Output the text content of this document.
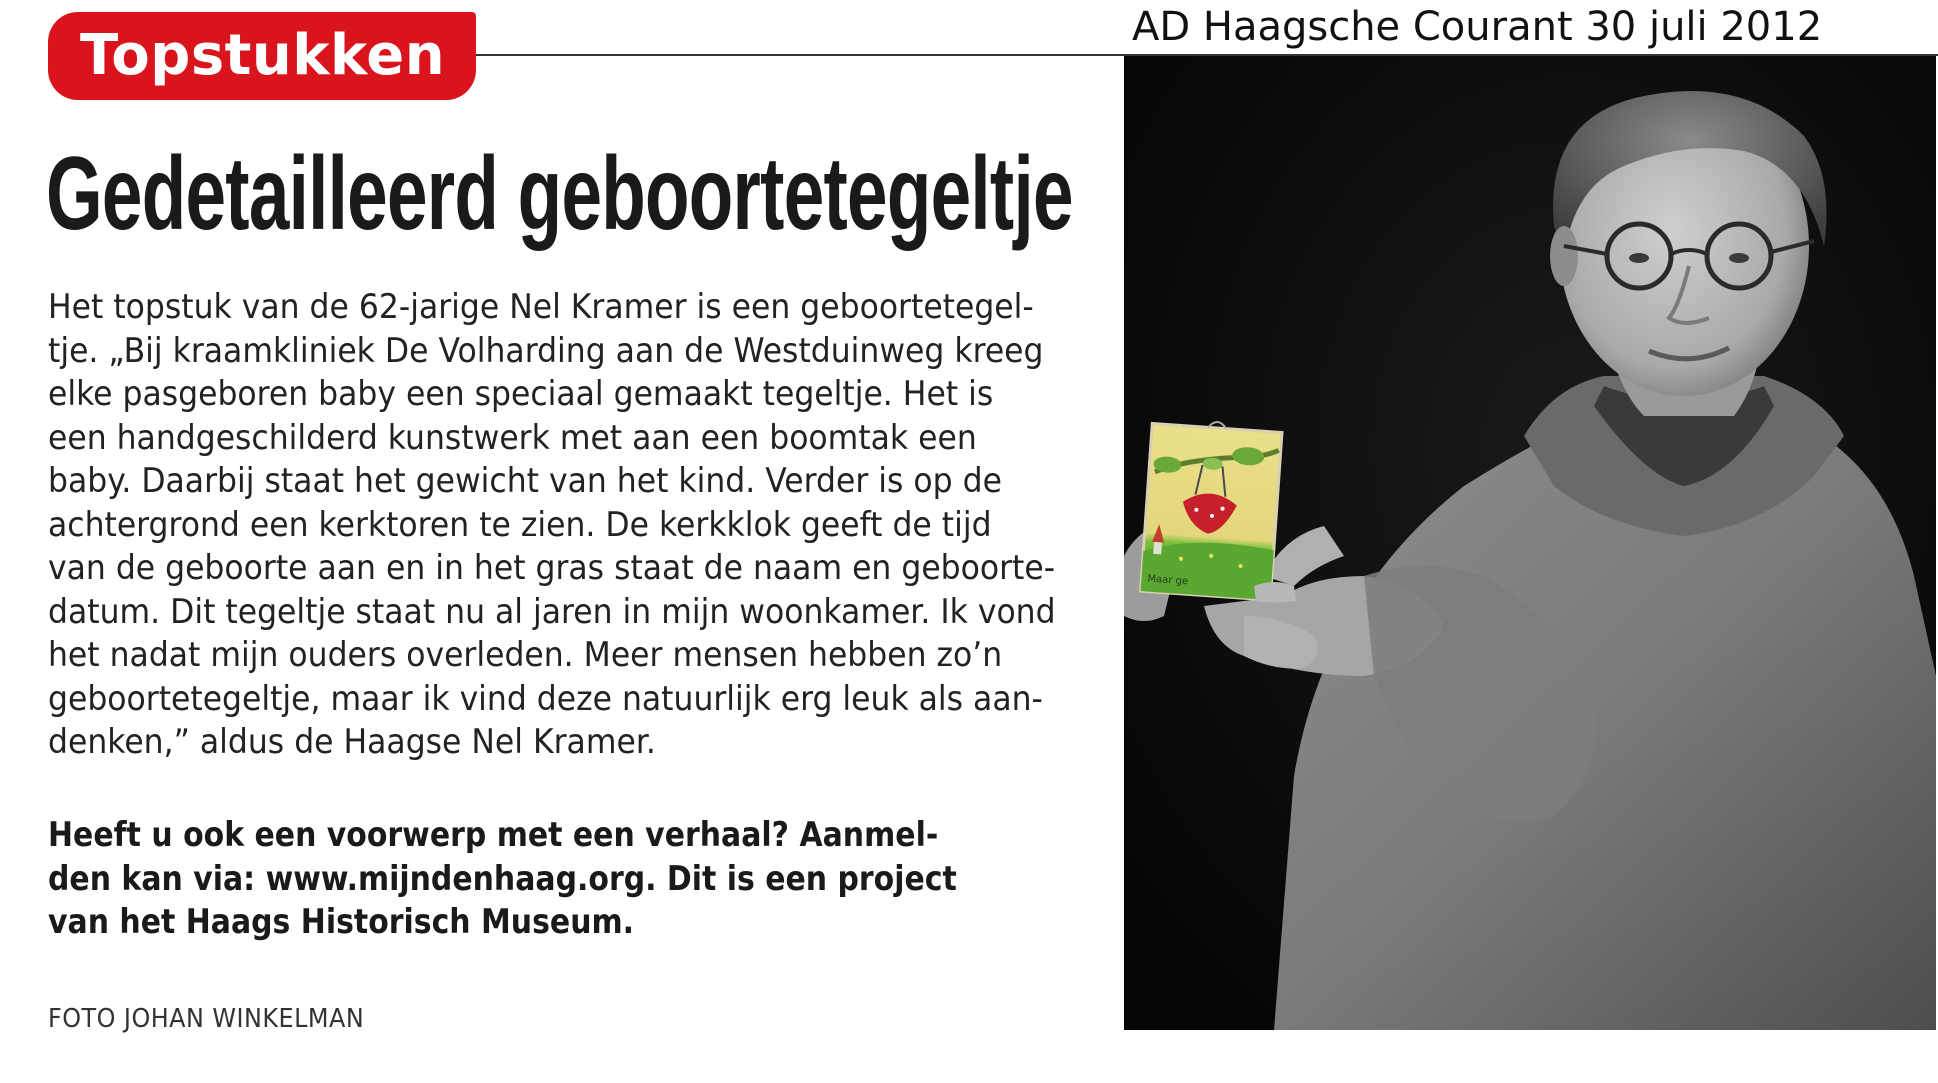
Topstukken	AD Haagsche Courant 30 juli 2012
Gedetailleerd geboortetegeltje
Het topstuk van de 62-jarige Nel Kramer is een geboortetegel-
tje. „Bij kraamkliniek De Volharding aan de Westduinweg kreeg
elke pasgeboren baby een speciaal gemaakt tegeltje. Het is
een handgeschilderd kunstwerk met aan een boomtak een
baby. Daarbij staat het gewicht van het kind. Verder is op de
achtergrond een kerktoren te zien. De kerkklok geeft de tijd
van de geboorte aan en in het gras staat de naam en geboorte-
datum. Dit tegeltje staat nu al jaren in mijn woonkamer. Ik vond
het nadat mijn ouders overleden. Meer mensen hebben zo’n
geboortetegeltje, maar ik vind deze natuurlijk erg leuk als aan-
denken,” aldus de Haagse Nel Kramer.
Heeft u ook een voorwerp met een verhaal? Aanmel-
den kan via: www.mijndenhaag.org. Dit is een project
van het Haags Historisch Museum.
FOTO JOHAN WINKELMAN
Maar ge
